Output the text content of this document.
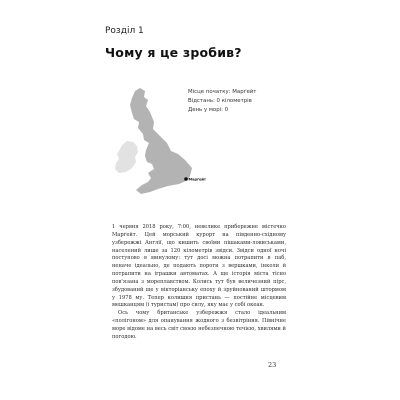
Розділ 1
Чому я це зробив?
Місце початку: Марґейт
Відстань: 0 кілометрів
День у морі: 0
Марґейт

1 червня 2018 року, 7:00, невелике прибережне містечко Марґейт. Цей морський курорт на південно-східному узбережжі Англії, що кишить своїми пішаками-ловиськами, населений лише за 120 кілометрів звідси. Звідси одної ночі поступово в минулому: тут досі можна потрапити в паб, неначе ідеально, де подають пороги з вершками, інколи й потрапити на іграшки автоматах. А ще історія міста тісно пов'язана з мореплавством. Колись тут був величезний пірс, збудований ще у вікторіанську епоху й зруйнований штормом у 1978 му. Тепер колишня пристань — постійне місцевим мешканцям (і туристам) про силу, яку має у собі океан.

Ось чому британське узбережжя стало ідеальним «полігоном» для опанування жодного з безвітріння. Північне море відоме на весь світ своєю небезпечною течією, хвилями й погодою.

23
